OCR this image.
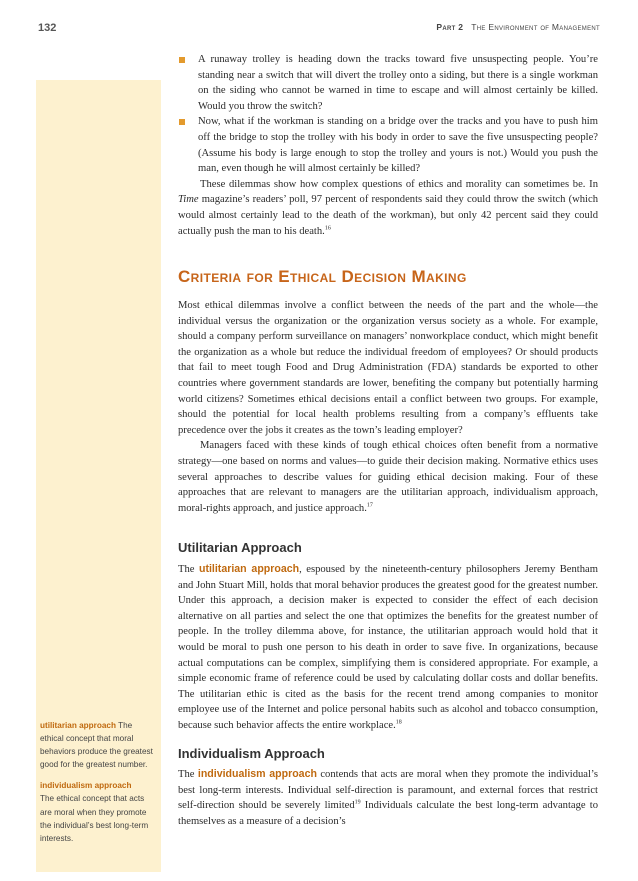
132	Part 2 The Environment of Management
utilitarian approach The ethical concept that moral behaviors produce the greatest good for the greatest number.
individualism approach
The ethical concept that acts are moral when they promote the individual’s best long-term interests.
A runaway trolley is heading down the tracks toward five unsuspecting people. You’re standing near a switch that will divert the trolley onto a siding, but there is a single workman on the siding who cannot be warned in time to escape and will almost certainly be killed. Would you throw the switch?
Now, what if the workman is standing on a bridge over the tracks and you have to push him off the bridge to stop the trolley with his body in order to save the five unsuspecting people? (Assume his body is large enough to stop the trolley and yours is not.) Would you push the man, even though he will almost certainly be killed?

These dilemmas show how complex questions of ethics and morality can sometimes be. In Time magazine’s readers’ poll, 97 percent of respondents said they could throw the switch (which would almost certainly lead to the death of the workman), but only 42 percent said they could actually push the man to his death.$^{16}$

Criteria for Ethical Decision Making

Most ethical dilemmas involve a conflict between the needs of the part and the whole—the individual versus the organization or the organization versus society as a whole. For example, should a company perform surveillance on managers’ nonworkplace conduct, which might benefit the organization as a whole but reduce the individual freedom of employees? Or should products that fail to meet tough Food and Drug Administration (FDA) standards be exported to other countries where government standards are lower, benefiting the company but potentially harming world citizens? Sometimes ethical decisions entail a conflict between two groups. For example, should the potential for local health problems resulting from a company’s effluents take precedence over the jobs it creates as the town’s leading employer?

Managers faced with these kinds of tough ethical choices often benefit from a normative strategy—one based on norms and values—to guide their decision making. Normative ethics uses several approaches to describe values for guiding ethical decision making. Four of these approaches that are relevant to managers are the utilitarian approach, individualism approach, moral-rights approach, and justice approach.$^{17}$

Utilitarian Approach

The utilitarian approach, espoused by the nineteenth-century philosophers Jeremy Bentham and John Stuart Mill, holds that moral behavior produces the greatest good for the greatest number. Under this approach, a decision maker is expected to consider the effect of each decision alternative on all parties and select the one that optimizes the benefits for the greatest number of people. In the trolley dilemma above, for instance, the utilitarian approach would hold that it would be moral to push one person to his death in order to save five. In organizations, because actual computations can be complex, simplifying them is considered appropriate. For example, a simple economic frame of reference could be used by calculating dollar costs and dollar benefits. The utilitarian ethic is cited as the basis for the recent trend among companies to monitor employee use of the Internet and police personal habits such as alcohol and tobacco consumption, because such behavior affects the entire workplace.$^{18}$

Individualism Approach

The individualism approach contends that acts are moral when they promote the individual’s best long-term interests. Individual self-direction is paramount, and external forces that restrict self-direction should be severely limited$^{19}$ Individuals calculate the best long-term advantage to themselves as a measure of a decision’s
